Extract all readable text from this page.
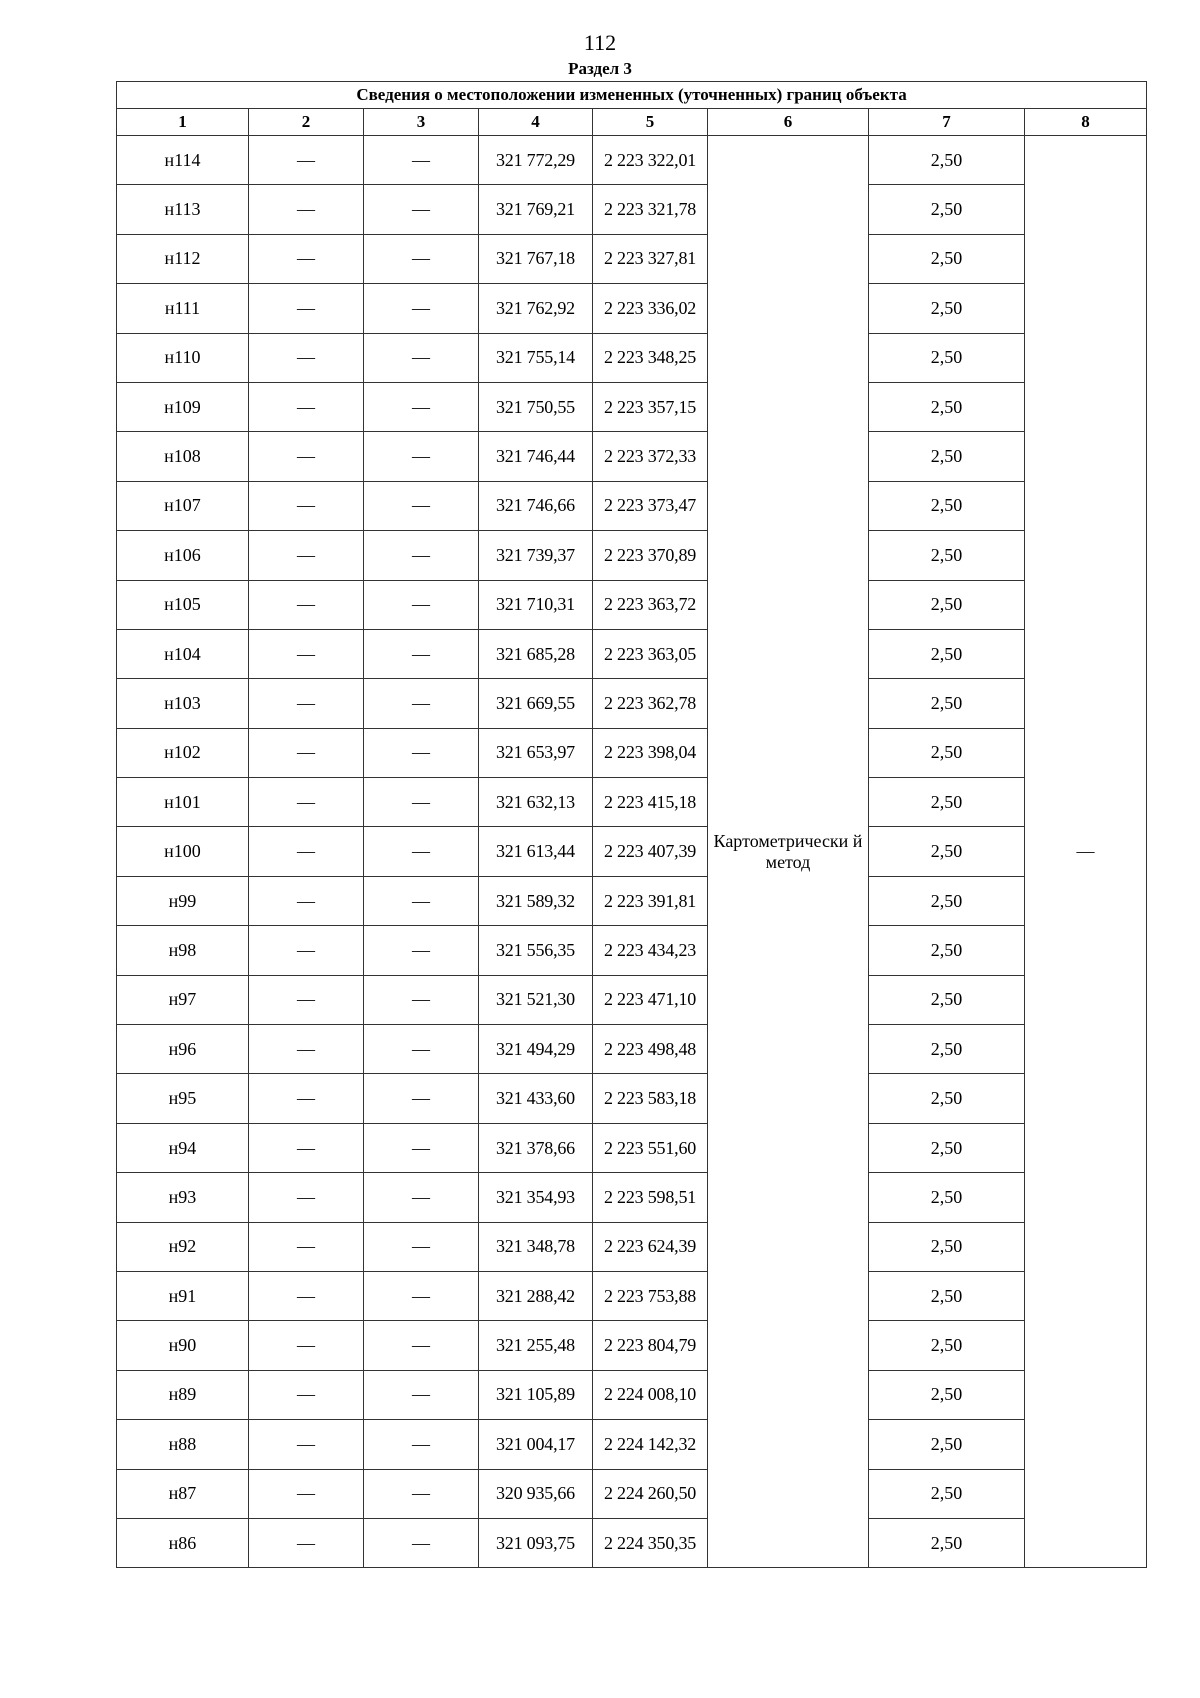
112
Раздел 3
Сведения о местоположении измененных (уточненных) границ объекта							
1	2	3	4	5	6	7	8
н114	—	—	321 772,29	2 223 322,01	Картометрически й метод	2,50	—
н113	—	—	321 769,21	2 223 321,78		2,50	
н112	—	—	321 767,18	2 223 327,81		2,50	
н111	—	—	321 762,92	2 223 336,02		2,50	
н110	—	—	321 755,14	2 223 348,25		2,50	
н109	—	—	321 750,55	2 223 357,15		2,50	
н108	—	—	321 746,44	2 223 372,33		2,50	
н107	—	—	321 746,66	2 223 373,47		2,50	
н106	—	—	321 739,37	2 223 370,89		2,50	
н105	—	—	321 710,31	2 223 363,72		2,50	
н104	—	—	321 685,28	2 223 363,05		2,50	
н103	—	—	321 669,55	2 223 362,78		2,50	
н102	—	—	321 653,97	2 223 398,04		2,50	
н101	—	—	321 632,13	2 223 415,18		2,50	
н100	—	—	321 613,44	2 223 407,39		2,50	
н99	—	—	321 589,32	2 223 391,81		2,50	
н98	—	—	321 556,35	2 223 434,23		2,50	
н97	—	—	321 521,30	2 223 471,10		2,50	
н96	—	—	321 494,29	2 223 498,48		2,50	
н95	—	—	321 433,60	2 223 583,18		2,50	
н94	—	—	321 378,66	2 223 551,60		2,50	
н93	—	—	321 354,93	2 223 598,51		2,50	
н92	—	—	321 348,78	2 223 624,39		2,50	
н91	—	—	321 288,42	2 223 753,88		2,50	
н90	—	—	321 255,48	2 223 804,79		2,50	
н89	—	—	321 105,89	2 224 008,10		2,50	
н88	—	—	321 004,17	2 224 142,32		2,50	
н87	—	—	320 935,66	2 224 260,50		2,50	
н86	—	—	321 093,75	2 224 350,35		2,50	
